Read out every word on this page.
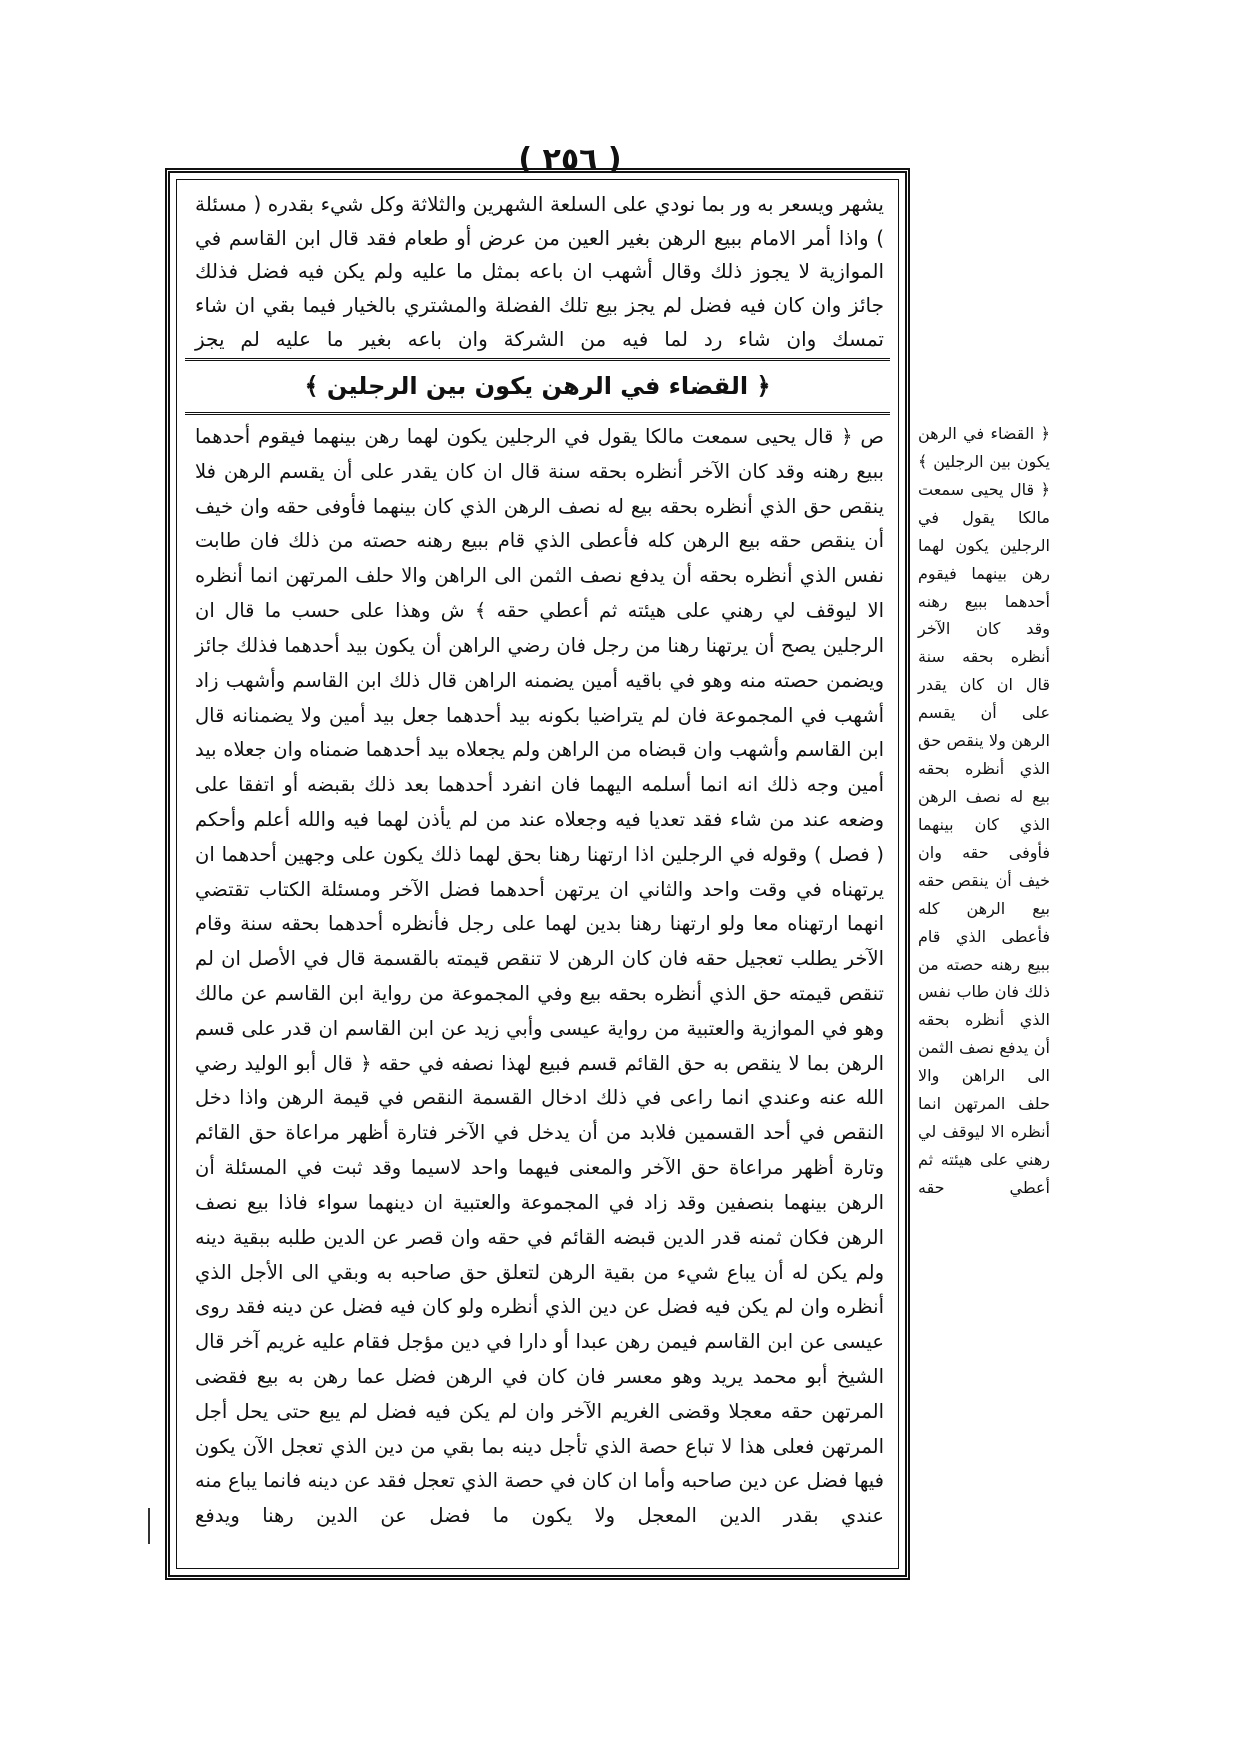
( ٢٥٦ )

يشهر ويسعر به ور بما نودي على السلعة الشهرين والثلاثة وكل شيء بقدره ( مسئلة ) واذا أمر الامام ببيع الرهن بغير العين من عرض أو طعام فقد قال ابن القاسم في الموازية لا يجوز ذلك وقال أشهب ان باعه بمثل ما عليه ولم يكن فيه فضل فذلك جائز وان كان فيه فضل لم يجز بيع تلك الفضلة والمشتري بالخيار فيما بقي ان شاء تمسك وان شاء رد لما فيه من الشركة وان باعه بغير ما عليه لم يجز

﴿ القضاء في الرهن يكون بين الرجلين ﴾

ص ﴿ قال يحيى سمعت مالكا يقول في الرجلين يكون لهما رهن بينهما فيقوم أحدهما ببيع رهنه وقد كان الآخر أنظره بحقه سنة قال ان كان يقدر على أن يقسم الرهن فلا ينقص حق الذي أنظره بحقه بيع له نصف الرهن الذي كان بينهما فأوفى حقه وان خيف أن ينقص حقه بيع الرهن كله فأعطى الذي قام ببيع رهنه حصته من ذلك فان طابت نفس الذي أنظره بحقه أن يدفع نصف الثمن الى الراهن والا حلف المرتهن انما أنظره الا ليوقف لي رهني على هيئته ثم أعطي حقه ﴾ ش وهذا على حسب ما قال ان الرجلين يصح أن يرتهنا رهنا من رجل فان رضي الراهن أن يكون بيد أحدهما فذلك جائز ويضمن حصته منه وهو في باقيه أمين يضمنه الراهن قال ذلك ابن القاسم وأشهب زاد أشهب في المجموعة فان لم يتراضيا بكونه بيد أحدهما جعل بيد أمين ولا يضمنانه قال ابن القاسم وأشهب وان قبضاه من الراهن ولم يجعلاه بيد أحدهما ضمناه وان جعلاه بيد أمين وجه ذلك انه انما أسلمه اليهما فان انفرد أحدهما بعد ذلك بقبضه أو اتفقا على وضعه عند من شاء فقد تعديا فيه وجعلاه عند من لم يأذن لهما فيه والله أعلم وأحكم

( فصل ) وقوله في الرجلين اذا ارتهنا رهنا بحق لهما ذلك يكون على وجهين أحدهما ان يرتهناه في وقت واحد والثاني ان يرتهن أحدهما فضل الآخر ومسئلة الكتاب تقتضي انهما ارتهناه معا ولو ارتهنا رهنا بدين لهما على رجل فأنظره أحدهما بحقه سنة وقام الآخر يطلب تعجيل حقه فان كان الرهن لا تنقص قيمته بالقسمة قال في الأصل ان لم تنقص قيمته حق الذي أنظره بحقه بيع وفي المجموعة من رواية ابن القاسم عن مالك وهو في الموازية والعتبية من رواية عيسى وأبي زيد عن ابن القاسم ان قدر على قسم الرهن بما لا ينقص به حق القائم قسم فبيع لهذا نصفه في حقه ﴿ قال أبو الوليد رضي الله عنه وعندي انما راعى في ذلك ادخال القسمة النقص في قيمة الرهن واذا دخل النقص في أحد القسمين فلابد من أن يدخل في الآخر فتارة أظهر مراعاة حق القائم وتارة أظهر مراعاة حق الآخر والمعنى فيهما واحد لاسيما وقد ثبت في المسئلة أن الرهن بينهما بنصفين وقد زاد في المجموعة والعتبية ان دينهما سواء فاذا بيع نصف الرهن فكان ثمنه قدر الدين قبضه القائم في حقه وان قصر عن الدين طلبه ببقية دينه ولم يكن له أن يباع شيء من بقية الرهن لتعلق حق صاحبه به وبقي الى الأجل الذي أنظره وان لم يكن فيه فضل عن دين الذي أنظره ولو كان فيه فضل عن دينه فقد روى عيسى عن ابن القاسم فيمن رهن عبدا أو دارا في دين مؤجل فقام عليه غريم آخر قال الشيخ أبو محمد يريد وهو معسر فان كان في الرهن فضل عما رهن به بيع فقضى المرتهن حقه معجلا وقضى الغريم الآخر وان لم يكن فيه فضل لم يبع حتى يحل أجل المرتهن فعلى هذا لا تباع حصة الذي تأجل دينه بما بقي من دين الذي تعجل الآن يكون فيها فضل عن دين صاحبه وأما ان كان في حصة الذي تعجل فقد عن دينه فانما يباع منه عندي بقدر الدين المعجل ولا يكون ما فضل عن الدين رهنا ويدفع

﴿ القضاء في الرهن يكون بين الرجلين ﴾ ﴿ قال يحيى سمعت مالكا يقول في الرجلين يكون لهما رهن بينهما فيقوم أحدهما ببيع رهنه وقد كان الآخر أنظره بحقه سنة قال ان كان يقدر على أن يقسم الرهن ولا ينقص حق الذي أنظره بحقه بيع له نصف الرهن الذي كان بينهما فأوفى حقه وان خيف أن ينقص حقه بيع الرهن كله فأعطى الذي قام ببيع رهنه حصته من ذلك فان طاب نفس الذي أنظره بحقه أن يدفع نصف الثمن الى الراهن والا حلف المرتهن انما أنظره الا ليوقف لي رهني على هيئته ثم أعطي حقه
